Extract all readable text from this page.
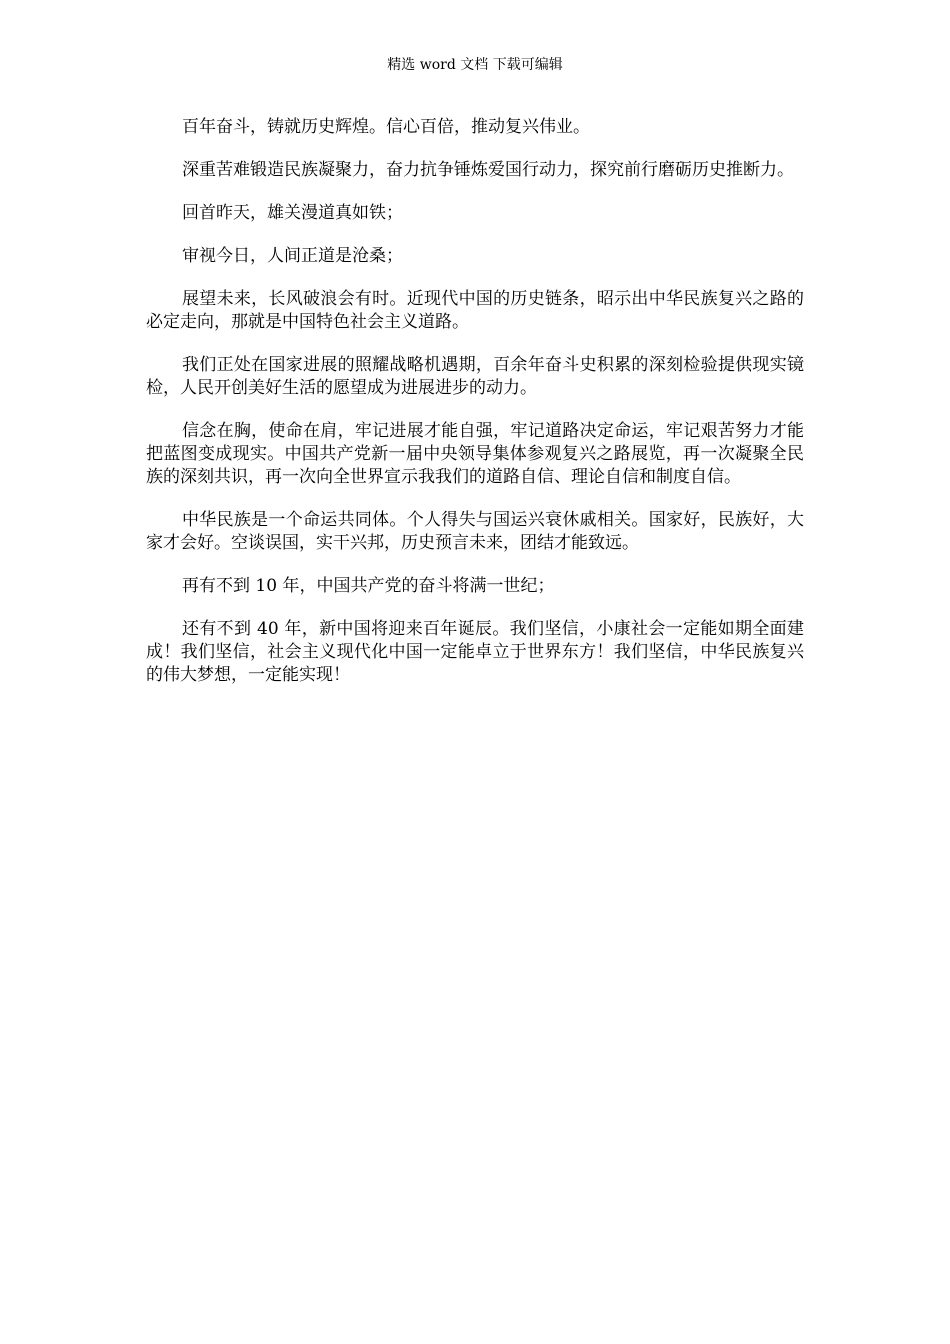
精选 word 文档 下载可编辑

百年奋斗，铸就历史辉煌。信心百倍，推动复兴伟业。

深重苦难锻造民族凝聚力，奋力抗争锤炼爱国行动力，探究前行磨砺历史推断力。

回首昨天，雄关漫道真如铁；

审视今日，人间正道是沧桑；

展望未来，长风破浪会有时。近现代中国的历史链条，昭示出中华民族复兴之路的必定走向，那就是中国特色社会主义道路。

我们正处在国家进展的照耀战略机遇期，百余年奋斗史积累的深刻检验提供现实镜检，人民开创美好生活的愿望成为进展进步的动力。

信念在胸，使命在肩，牢记进展才能自强，牢记道路决定命运，牢记艰苦努力才能把蓝图变成现实。中国共产党新一届中央领导集体参观复兴之路展览，再一次凝聚全民族的深刻共识，再一次向全世界宣示我我们的道路自信、理论自信和制度自信。

中华民族是一个命运共同体。个人得失与国运兴衰休戚相关。国家好，民族好，大家才会好。空谈误国，实干兴邦，历史预言未来，团结才能致远。

再有不到 10 年，中国共产党的奋斗将满一世纪；

还有不到 40 年，新中国将迎来百年诞辰。我们坚信，小康社会一定能如期全面建成！我们坚信，社会主义现代化中国一定能卓立于世界东方！我们坚信，中华民族复兴的伟大梦想，一定能实现！
